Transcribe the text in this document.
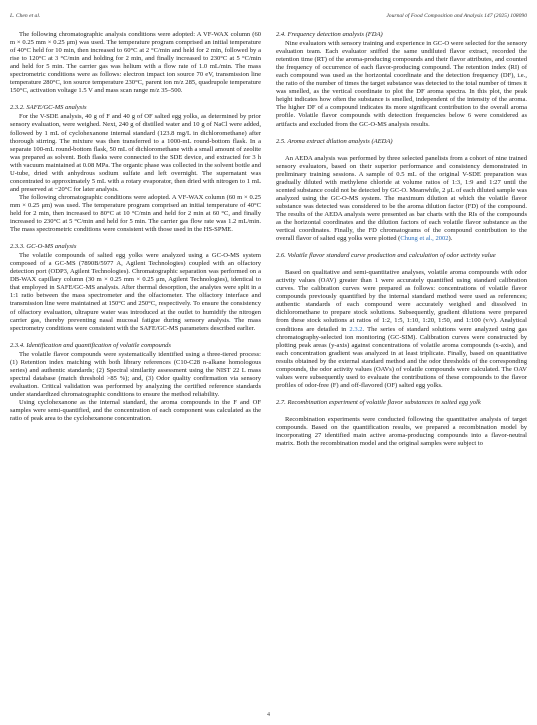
L. Chen et al.	Journal of Food Composition and Analysis 147 (2025) 108090

The following chromatographic analysis conditions were adopted: A VF-WAX column (60 m × 0.25 mm × 0.25 μm) was used. The temperature program comprised an initial temperature of 40°C held for 10 min, then increased to 60°C at 2 °C/min and held for 2 min, followed by a rise to 120°C at 3 °C/min and holding for 2 min, and finally increased to 230°C at 5 °C/min and held for 5 min. The carrier gas was helium with a flow rate of 1.0 mL/min. The mass spectrometric conditions were as follows: electron impact ion source 70 eV, transmission line temperature 280°C, ion source temperature 230°C, parent ion m/z 285, quadrupole temperature 150°C, activation voltage 1.5 V and mass scan range m/z 35–500.

2.3.2. SAFE/GC-MS analysis

For the V-SDE analysis, 40 g of F and 40 g of OF salted egg yolks, as determined by prior sensory evaluation, were weighed. Next, 240 g of distilled water and 10 g of NaCl were added, followed by 1 mL of cyclohexanone internal standard (123.8 mg/L in dichloromethane) after thorough stirring. The mixture was then transferred to a 1000-mL round-bottom flask. In a separate 100-mL round-bottom flask, 50 mL of dichloromethane with a small amount of zeolite was prepared as solvent. Both flasks were connected to the SDE device, and extracted for 3 h with vacuum maintained at 0.08 MPa. The organic phase was collected in the solvent bottle and U-tube, dried with anhydrous sodium sulfate and left overnight. The supernatant was concentrated to approximately 5 mL with a rotary evaporator, then dried with nitrogen to 1 mL and preserved at −20°C for later analysis.

The following chromatographic conditions were adopted. A VF-WAX column (60 m × 0.25 mm × 0.25 μm) was used. The temperature program comprised an initial temperature of 40°C held for 2 min, then increased to 80°C at 10 °C/min and held for 2 min at 60 °C, and finally increased to 230°C at 5 °C/min and held for 5 min. The carrier gas flow rate was 1.2 mL/min. The mass spectrometric conditions were consistent with those used in the HS-SPME.

2.3.3. GC-O-MS analysis

The volatile compounds of salted egg yolks were analyzed using a GC-O-MS system composed of a GC-MS (7890B/5977 A, Agilent Technologies) coupled with an olfactory detection port (ODP3, Agilent Technologies). Chromatographic separation was performed on a DB-WAX capillary column (30 m × 0.25 mm × 0.25 μm, Agilent Technologies), identical to that employed in SAFE/GC-MS analysis. After thermal desorption, the analytes were split in a 1:1 ratio between the mass spectrometer and the olfactometer. The olfactory interface and transmission line were maintained at 150°C and 250°C, respectively. To ensure the consistency of olfactory evaluation, ultrapure water was introduced at the outlet to humidify the nitrogen carrier gas, thereby preventing nasal mucosal fatigue during sensory analysis. The mass spectrometry conditions were consistent with the SAFE/GC-MS parameters described earlier.

2.3.4. Identification and quantification of volatile compounds

The volatile flavor compounds were systematically identified using a three-tiered process: (1) Retention index matching with both library references (C10-C28 n-alkane homologous series) and authentic standards; (2) Spectral similarity assessment using the NIST 22 L mass spectral database (match threshold >85 %); and, (3) Odor quality confirmation via sensory evaluation. Critical validation was performed by analyzing the certified reference standards under standardized chromatographic conditions to ensure the method reliability.

Using cyclohexanone as the internal standard, the aroma compounds in the F and OF samples were semi-quantified, and the concentration of each component was calculated as the ratio of peak area to the cyclohexanone concentration.

2.4. Frequency detection analysis (FDA)

Nine evaluators with sensory training and experience in GC-O were selected for the sensory evaluation team. Each evaluator sniffed the same undiluted flavor extract, recorded the retention time (RT) of the aroma-producing compounds and their flavor attributes, and counted the frequency of occurrence of each flavor-producing compound. The retention index (RI) of each compound was used as the horizontal coordinate and the detection frequency (DF), i.e., the ratio of the number of times the target substance was detected to the total number of times it was smelled, as the vertical coordinate to plot the DF aroma spectra. In this plot, the peak height indicates how often the substance is smelled, independent of the intensity of the aroma. The higher DF of a compound indicates its more significant contribution to the overall aroma profile. Volatile flavor compounds with detection frequencies below 6 were considered as artifacts and excluded from the GC-O-MS analysis results.

2.5. Aroma extract dilution analysis (AEDA)

An AEDA analysis was performed by three selected panelists from a cohort of nine trained sensory evaluators, based on their superior performance and consistency demonstrated in preliminary training sessions. A sample of 0.5 mL of the original V-SDE preparation was gradually diluted with methylene chloride at volume ratios of 1:3, 1:9 and 1:27 until the scented substance could not be detected by GC-O. Meanwhile, 2 μL of each diluted sample was analyzed using the GC-O-MS system. The maximum dilution at which the volatile flavor substance was detected was considered to be the aroma dilution factor (FD) of the compound. The results of the AEDA analysis were presented as bar charts with the RIs of the compounds as the horizontal coordinates and the dilution factors of each volatile flavor substance as the vertical coordinates. Finally, the FD chromatograms of the compound contribution to the overall flavor of salted egg yolks were plotted (Chung et al., 2002).

2.6. Volatile flavor standard curve production and calculation of odor activity value

Based on qualitative and semi-quantitative analyses, volatile aroma compounds with odor activity values (OAV) greater than 1 were accurately quantified using standard calibration curves. The calibration curves were prepared as follows: concentrations of volatile flavor compounds previously quantified by the internal standard method were used as references; authentic standards of each compound were accurately weighed and dissolved in dichloromethane to prepare stock solutions. Subsequently, gradient dilutions were prepared from these stock solutions at ratios of 1:2, 1:5, 1:10, 1:20, 1:50, and 1:100 (v/v). Analytical conditions are detailed in 2.3.2. The series of standard solutions were analyzed using gas chromatography-selected ion monitoring (GC-SIM). Calibration curves were constructed by plotting peak areas (y-axis) against concentrations of volatile aroma compounds (x-axis), and each concentration gradient was analyzed in at least triplicate. Finally, based on quantitative results obtained by the external standard method and the odor thresholds of the corresponding compounds, the odor activity values (OAVs) of volatile compounds were calculated. The OAV values were subsequently used to evaluate the contributions of these compounds to the flavor profiles of odor-free (F) and off-flavored (OF) salted egg yolks.

2.7. Recombination experiment of volatile flavor substances in salted egg yolk

Recombination experiments were conducted following the quantitative analysis of target compounds. Based on the quantification results, we prepared a recombination model by incorporating 27 identified main active aroma-producing compounds into a flavor-neutral matrix. Both the recombination model and the original samples were subject to

4
